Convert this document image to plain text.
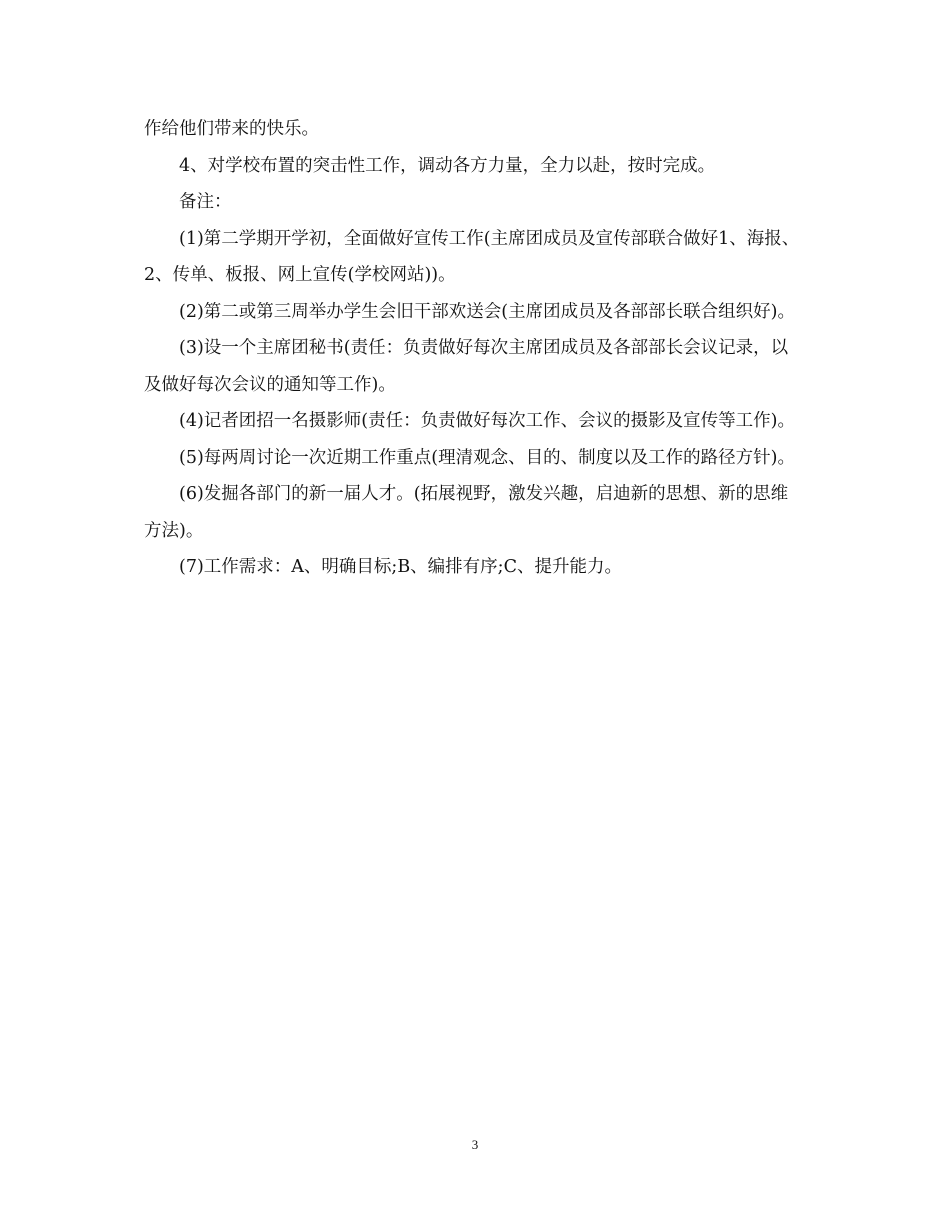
作给他们带来的快乐。

4、对学校布置的突击性工作，调动各方力量，全力以赴，按时完成。

备注：

(1)第二学期开学初，全面做好宣传工作(主席团成员及宣传部联合做好1、海报、2、传单、板报、网上宣传(学校网站))。

(2)第二或第三周举办学生会旧干部欢送会(主席团成员及各部部长联合组织好)。

(3)设一个主席团秘书(责任：负责做好每次主席团成员及各部部长会议记录，以及做好每次会议的通知等工作)。

(4)记者团招一名摄影师(责任：负责做好每次工作、会议的摄影及宣传等工作)。

(5)每两周讨论一次近期工作重点(理清观念、目的、制度以及工作的路径方针)。

(6)发掘各部门的新一届人才。(拓展视野，激发兴趣，启迪新的思想、新的思维方法)。

(7)工作需求：A、明确目标;B、编排有序;C、提升能力。

3
